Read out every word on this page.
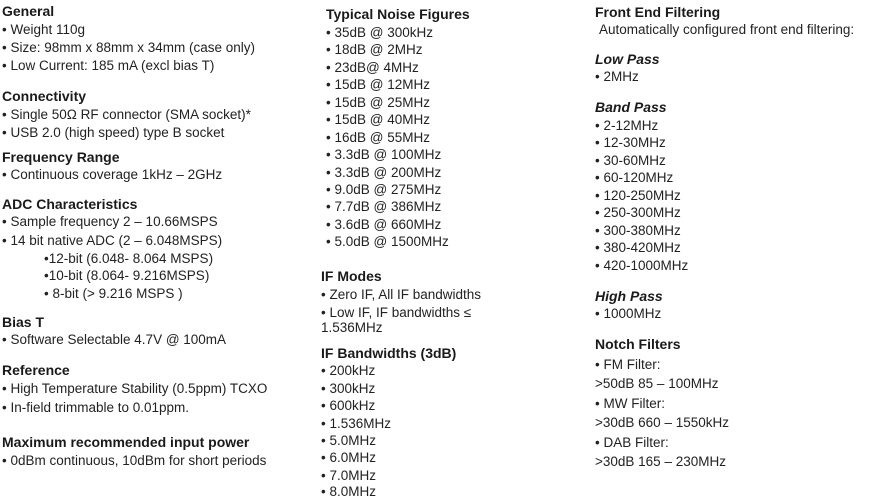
General
• Weight 110g
• Size: 98mm x 88mm x 34mm (case only)
• Low Current: 185 mA (excl bias T)
Connectivity
• Single 50Ω RF connector (SMA socket)*
• USB 2.0 (high speed) type B socket
Frequency Range
• Continuous coverage 1kHz – 2GHz
ADC Characteristics
• Sample frequency 2 – 10.66MSPS
• 14 bit native ADC (2 – 6.048MSPS)
•12-bit (6.048- 8.064 MSPS)
•10-bit (8.064- 9.216MSPS)
• 8-bit (> 9.216 MSPS )
Bias T
• Software Selectable 4.7V @ 100mA
Reference
• High Temperature Stability (0.5ppm) TCXO
• In-field trimmable to 0.01ppm.
Maximum recommended input power
• 0dBm continuous, 10dBm for short periods
Typical Noise Figures
• 35dB @ 300kHz
• 18dB @ 2MHz
• 23dB@ 4MHz
• 15dB @ 12MHz
• 15dB @ 25MHz
• 15dB @ 40MHz
• 16dB @ 55MHz
• 3.3dB @ 100MHz
• 3.3dB @ 200MHz
• 9.0dB @ 275MHz
• 7.7dB @ 386MHz
• 3.6dB @ 660MHz
• 5.0dB @ 1500MHz
IF Modes
• Zero IF, All IF bandwidths
• Low IF, IF bandwidths ≤
1.536MHz
IF Bandwidths (3dB)
• 200kHz
• 300kHz
• 600kHz
• 1.536MHz
• 5.0MHz
• 6.0MHz
• 7.0MHz
• 8.0MHz
Front End Filtering
Automatically configured front end filtering:
Low Pass
• 2MHz
Band Pass
• 2-12MHz
• 12-30MHz
• 30-60MHz
• 60-120MHz
• 120-250MHz
• 250-300MHz
• 300-380MHz
• 380-420MHz
• 420-1000MHz
High Pass
• 1000MHz
Notch Filters
• FM Filter:
>50dB 85 – 100MHz
• MW Filter:
>30dB 660 – 1550kHz
• DAB Filter:
>30dB 165 – 230MHz
